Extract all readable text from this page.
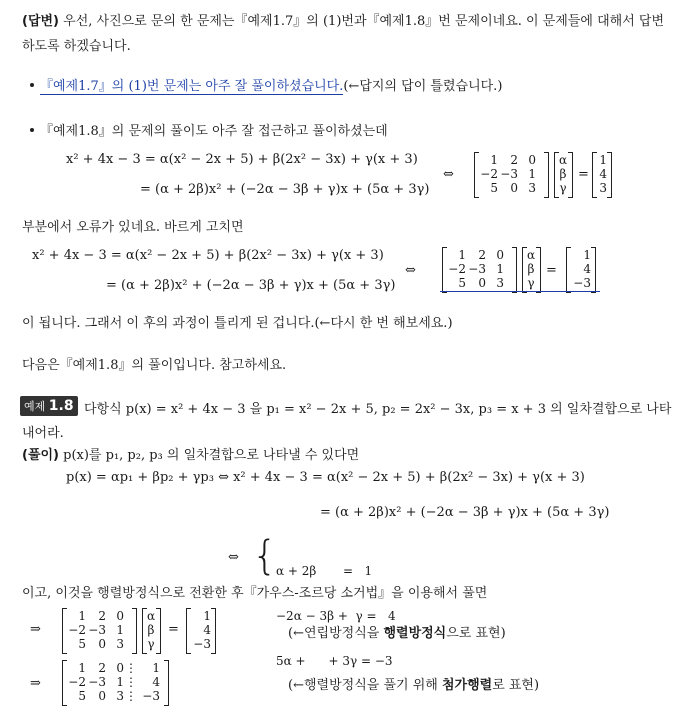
(답변) 우선, 사진으로 문의 한 문제는『예제1.7』의 (1)번과『예제1.8』번 문제이네요. 이 문제들에 대해서 답변
하도록 하겠습니다.
『예제1.7』의 (1)번 문제는 아주 잘 풀이하셨습니다.(←답지의 답이 틀렸습니다.)
『예제1.8』의 문제의 풀이도 아주 잘 접근하고 풀이하셨는데
x² + 4x − 3 = α(x² − 2x + 5) + β(2x² − 3x) + γ(x + 3)
= (α + 2β)x² + (−2α − 3β + γ)x + (5α + 3γ)
⇔
1	2 0
−2 −3 1
5	0 3
α
β
γ
=
1
4
3
부분에서 오류가 있네요. 바르게 고치면
x² + 4x − 3 = α(x² − 2x + 5) + β(2x² − 3x) + γ(x + 3)
= (α + 2β)x² + (−2α − 3β + γ)x + (5α + 3γ)
⇔
1	2 0
−2 −3 1
5	0 3
α
β
γ
=
1
4
−3
이 됩니다. 그래서 이 후의 과정이 틀리게 된 겁니다.(←다시 한 번 해보세요.)
다음은『예제1.8』의 풀이입니다. 참고하세요.
예제 1.8 다항식 p(x) = x² + 4x − 3 을 p₁ = x² − 2x + 5, p₂ = 2x² − 3x, p₃ = x + 3 의 일차결합으로 나타
내어라.
(풀이) p(x)를 p₁, p₂, p₃ 의 일차결합으로 나타낼 수 있다면
p(x) = αp₁ + βp₂ + γp₃ ⇔ x² + 4x − 3 = α(x² − 2x + 5) + β(2x² − 3x) + γ(x + 3)
= (α + 2β)x² + (−2α − 3β + γ)x + (5α + 3γ)
⇔ {

α + 2β       =   1

−2α − 3β +  γ =   4

5α +      + 3γ = −3

이고, 이것을 행렬방정식으로 전환한 후『가우스-조르당 소거법』을 이용해서 풀면
⇒
1	2 0
−2 −3 1
5	0 3
α
β
γ
=
1
4
−3
(←연립방정식을 행렬방정식으로 표현)
⇒
1	2 0 ⋮	1
−2 −3 1 ⋮	4
5	0 3 ⋮ −3
(←행렬방정식을 풀기 위해 첨가행렬로 표현)
